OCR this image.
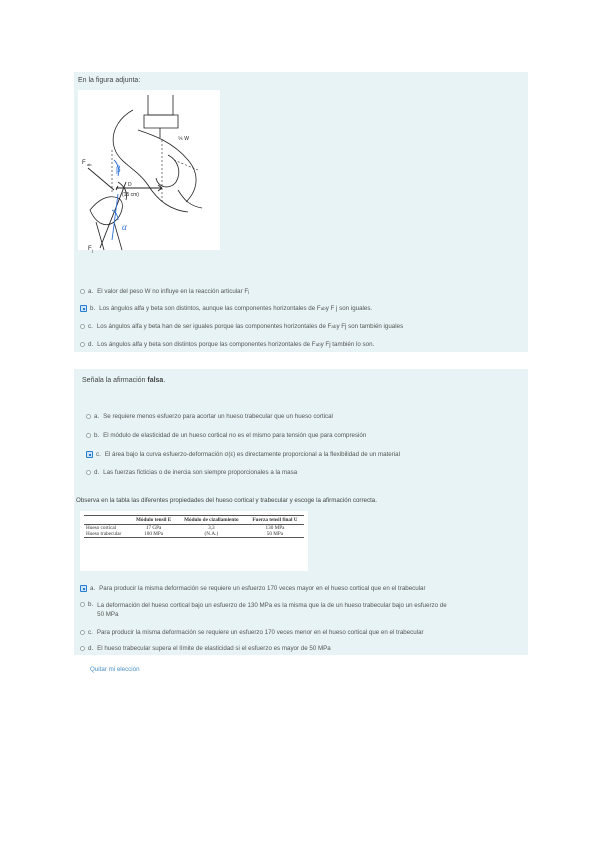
En la figura adjunta:
⅚ W
F ab	β
D
(15 cm)
α
F j
a. El valor del peso W no influye en la reacción articular F j
b. Los ángulos alfa y beta son distintos, aunque las componentes horizontales de F ab y F j son iguales.
c. Los ángulos alfa y beta han de ser iguales porque las componentes horizontales de F ab y Fj son también iguales
d. Los ángulos alfa y beta son distintos porque las componentes horizontales de F ab y Fj también lo son.
Señala la afirmación falsa.
a. Se requiere menos esfuerzo para acortar un hueso trabecular que un hueso cortical
b. El módulo de elasticidad de un hueso cortical no es el mismo para tensión que para compresión
c. El área bajo la curva esfuerzo-deformación σ(ε) es directamente proporcional a la flexibilidad de un material
d. Las fuerzas ficticias o de inercia son siempre proporcionales a la masa
Observa en la tabla las diferentes propiedades del hueso cortical y trabecular y escoge la afirmación correcta.
	Módulo tensil E	Módulo de cizallamiento	Fuerza tensil final U
Hueso cortical	17 GPa	3,3	130 MPa
Hueso trabecular	100 MPa	(N.A.)	50 MPa
a. Para producir la misma deformación se requiere un esfuerzo 170 veces mayor en el hueso cortical que en el trabecular
b. La deformación del hueso cortical bajo un esfuerzo de 130 MPa es la misma que la de un hueso trabecular bajo un esfuerzo de
50 MPa
c. Para producir la misma deformación se requiere un esfuerzo 170 veces menor en el hueso cortical que en el trabecular
d. El hueso trabecular supera el límite de elasticidad si el esfuerzo es mayor de 50 MPa
Quitar mi elección
